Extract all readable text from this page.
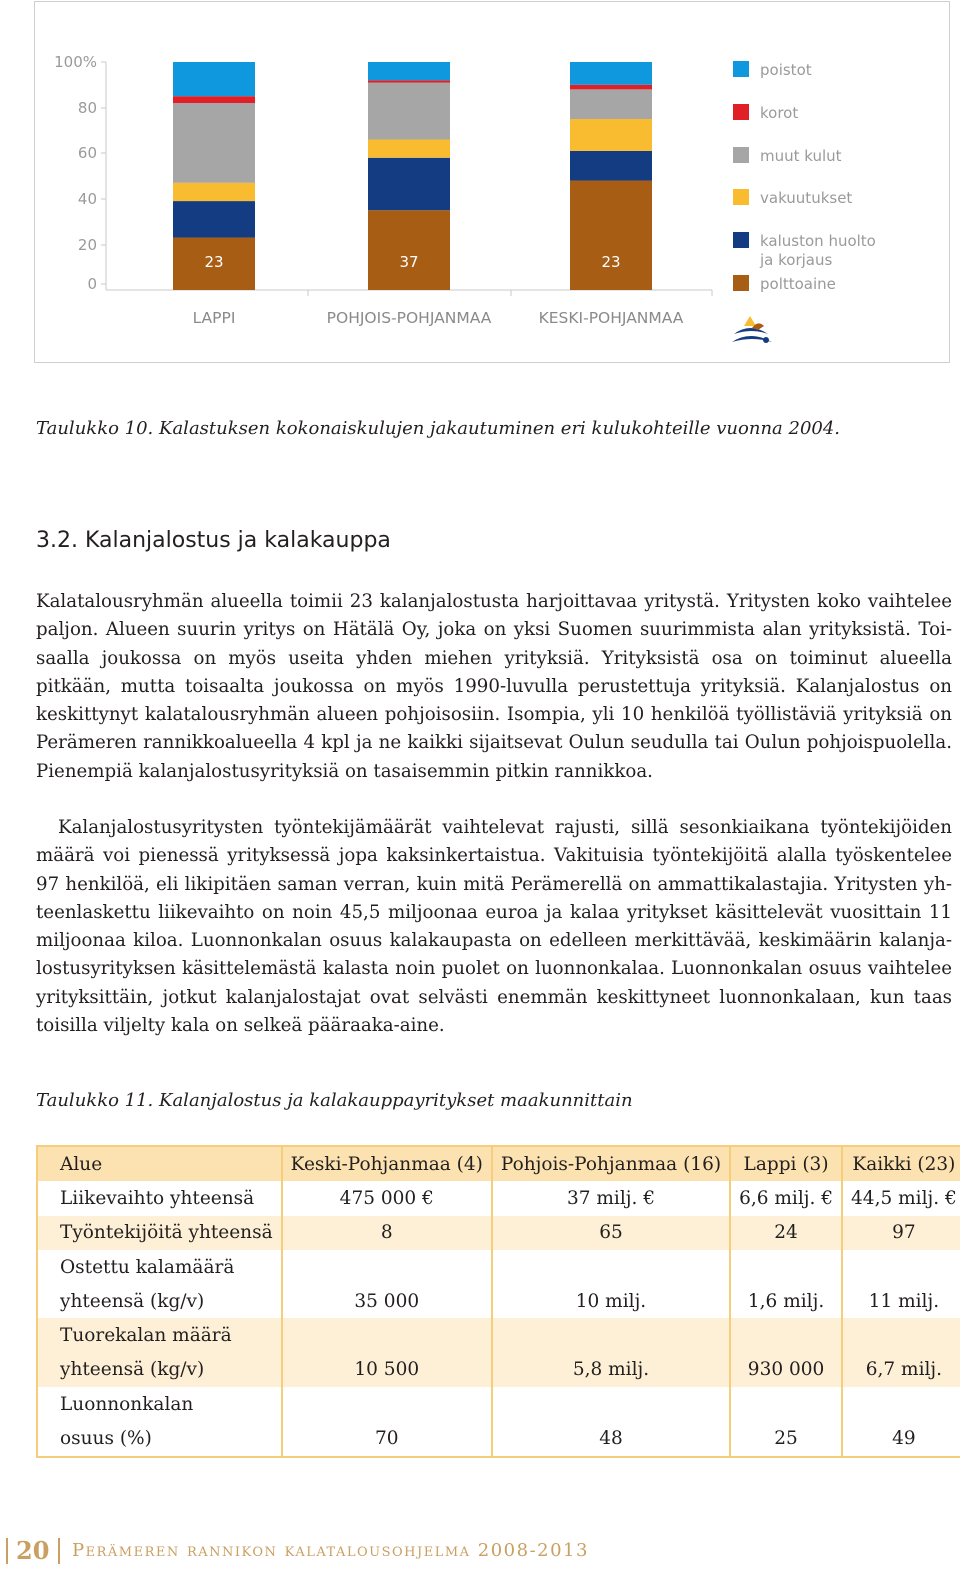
100%
80
60
40
20
0
23
LAPPI
37
POHJOIS-POHJANMAA
23
KESKI-POHJANMAA
poistot
korot
muut kulut
vakuutukset
kaluston huolto
ja korjaus
polttoaine
Taulukko 10. Kalastuksen kokonaiskulujen jakautuminen eri kulukohteille vuonna 2004.
3.2. Kalanjalostus ja kalakauppa

Kalatalousryhmän alueella toimii 23 kalanjalostusta harjoittavaa yritystä. Yritysten koko vaihtelee paljon. Alueen suurin yritys on Hätälä Oy, joka on yksi Suomen suurimmista alan yrityksistä. Toisaalla joukossa on myös useita yhden miehen yrityksiä. Yrityksistä osa on toiminut alueella pitkään, mutta toisaalta joukossa on myös 1990-luvulla perustettuja yrityksiä. Kalanjalostus on keskittynyt kalatalousryhmän alueen pohjoisosiin. Isompia, yli 10 henkilöä työllistäviä yrityksiä on Perämeren rannikkoalueella 4 kpl ja ne kaikki sijaitsevat Oulun seudulla tai Oulun pohjoispuolella. Pienempiä kalanjalostusyrityksiä on tasaisemmin pitkin rannikkoa.

Kalanjalostusyritysten työntekijämäärät vaihtelevat rajusti, sillä sesonkiaikana työntekijöiden määrä voi pienessä yrityksessä jopa kaksinkertaistua. Vakituisia työntekijöitä alalla työskentelee 97 henkilöä, eli likipitäen saman verran, kuin mitä Perämerellä on ammattikalastajia. Yritysten yhteenlaskettu liikevaihto on noin 45,5 miljoonaa euroa ja kalaa yritykset käsittelevät vuosittain 11 miljoonaa kiloa. Luonnonkalan osuus kalakaupasta on edelleen merkittävää, keskimäärin kalanjalostusyrityksen käsittelemästä kalasta noin puolet on luonnonkalaa. Luonnonkalan osuus vaihtelee yrityksittäin, jotkut kalanjalostajat ovat selvästi enemmän keskittyneet luonnonkalaan, kun taas toisilla viljelty kala on selkeä pääraaka-aine.

Taulukko 11. Kalanjalostus ja kalakauppayritykset maakunnittain
Alue	Keski-Pohjanmaa (4)	Pohjois-Pohjanmaa (16)	Lappi (3)	Kaikki (23)
Liikevaihto yhteensä	475 000 €	37 milj. €	6,6 milj. €	44,5 milj. €
Työntekijöitä yhteensä	8	65	24	97
Ostettu kalamäärä				
yhteensä (kg/v)	35 000	10 milj.	1,6 milj.	11 milj.
Tuorekalan määrä				
yhteensä (kg/v)	10 500	5,8 milj.	930 000	6,7 milj.
Luonnonkalan				
osuus (%)	70	48	25	49
20 Perämeren rannikon kalatalousohjelma 2008-2013
